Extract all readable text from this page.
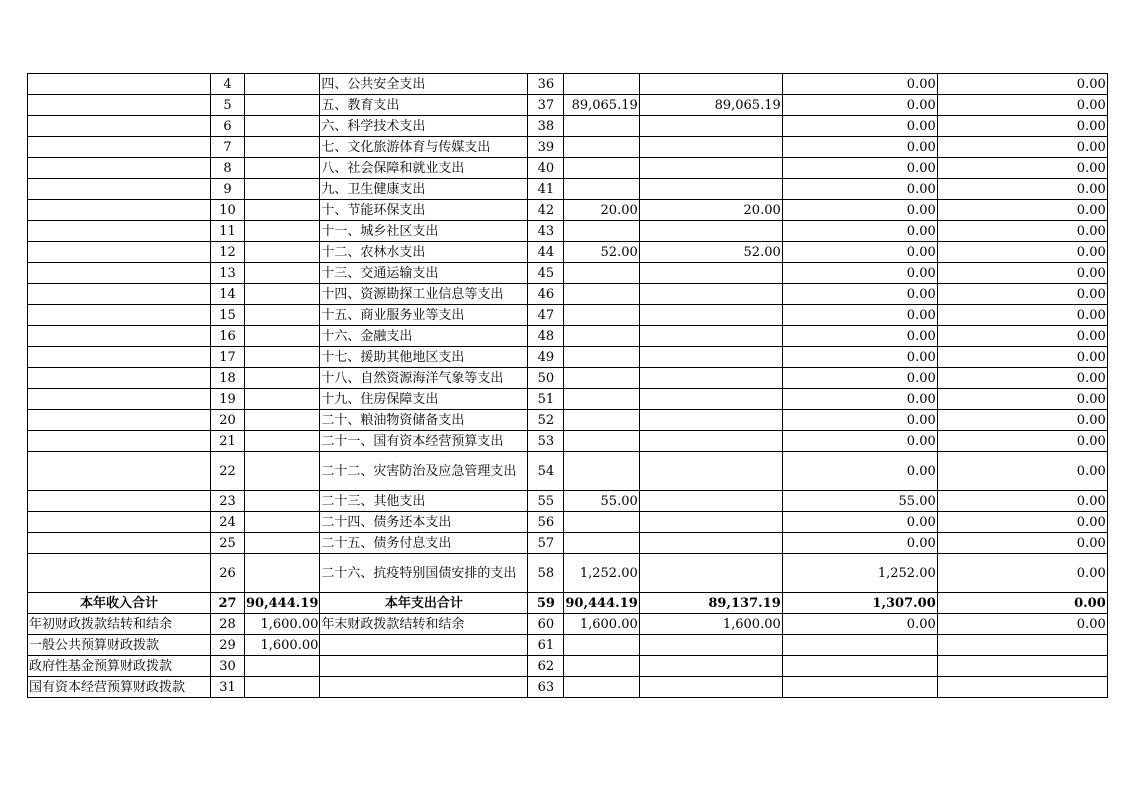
	4		四、公共安全支出	36			0.00	0.00
	5		五、教育支出	37	89,065.19	89,065.19	0.00	0.00
	6		六、科学技术支出	38			0.00	0.00
	7		七、文化旅游体育与传媒支出	39			0.00	0.00
	8		八、社会保障和就业支出	40			0.00	0.00
	9		九、卫生健康支出	41			0.00	0.00
	10		十、节能环保支出	42	20.00	20.00	0.00	0.00
	11		十一、城乡社区支出	43			0.00	0.00
	12		十二、农林水支出	44	52.00	52.00	0.00	0.00
	13		十三、交通运输支出	45			0.00	0.00
	14		十四、资源勘探工业信息等支出	46			0.00	0.00
	15		十五、商业服务业等支出	47			0.00	0.00
	16		十六、金融支出	48			0.00	0.00
	17		十七、援助其他地区支出	49			0.00	0.00
	18		十八、自然资源海洋气象等支出	50			0.00	0.00
	19		十九、住房保障支出	51			0.00	0.00
	20		二十、粮油物资储备支出	52			0.00	0.00
	21		二十一、国有资本经营预算支出	53			0.00	0.00
	22		二十二、灾害防治及应急管理支出	54			0.00	0.00
	23		二十三、其他支出	55	55.00		55.00	0.00
	24		二十四、债务还本支出	56			0.00	0.00
	25		二十五、债务付息支出	57			0.00	0.00
	26		二十六、抗疫特别国债安排的支出	58	1,252.00		1,252.00	0.00
本年收入合计	27	90,444.19	本年支出合计	59	90,444.19	89,137.19	1,307.00	0.00
年初财政拨款结转和结余	28	1,600.00	年末财政拨款结转和结余	60	1,600.00	1,600.00	0.00	0.00
一般公共预算财政拨款	29	1,600.00		61				
政府性基金预算财政拨款	30			62				
国有资本经营预算财政拨款	31			63				
